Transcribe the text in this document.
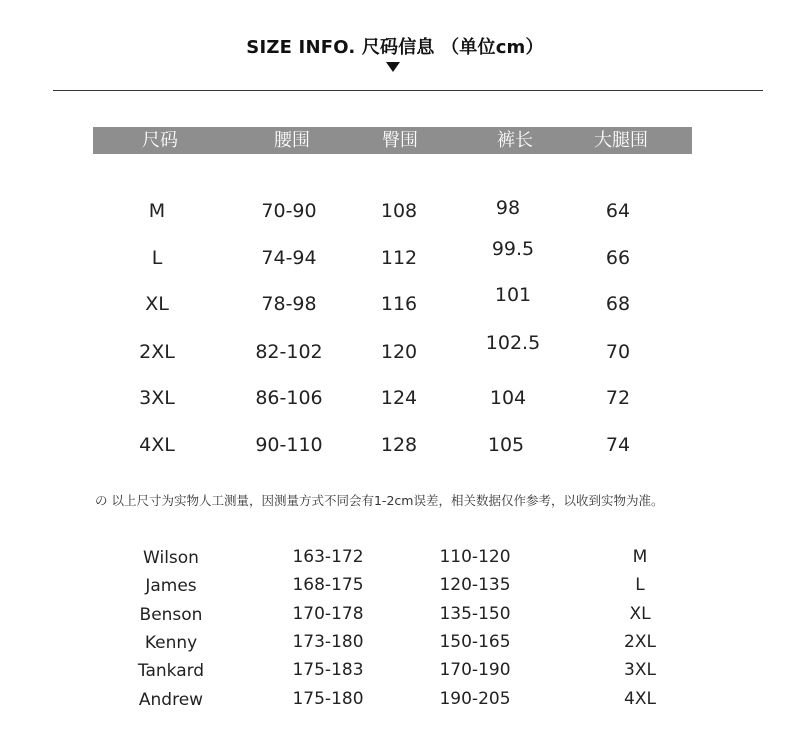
SIZE INFO. 尺码信息 （单位cm）
尺码	腰围	臀围	裤长	大腿围
M	70-90	108	98	64
L	74-94	112	99.5	66
XL	78-98	116	101	68
2XL	82-102	120	102.5	70
3XL	86-106	124	104	72
4XL	90-110	128	105	74
の 以上尺寸为实物人工测量，因测量方式不同会有1-2cm误差，相关数据仅作参考，以收到实物为准。
Wilson	163-172	110-120	M
James	168-175	120-135	L
Benson	170-178	135-150	XL
Kenny	173-180	150-165	2XL
Tankard	175-183	170-190	3XL
Andrew	175-180	190-205	4XL
